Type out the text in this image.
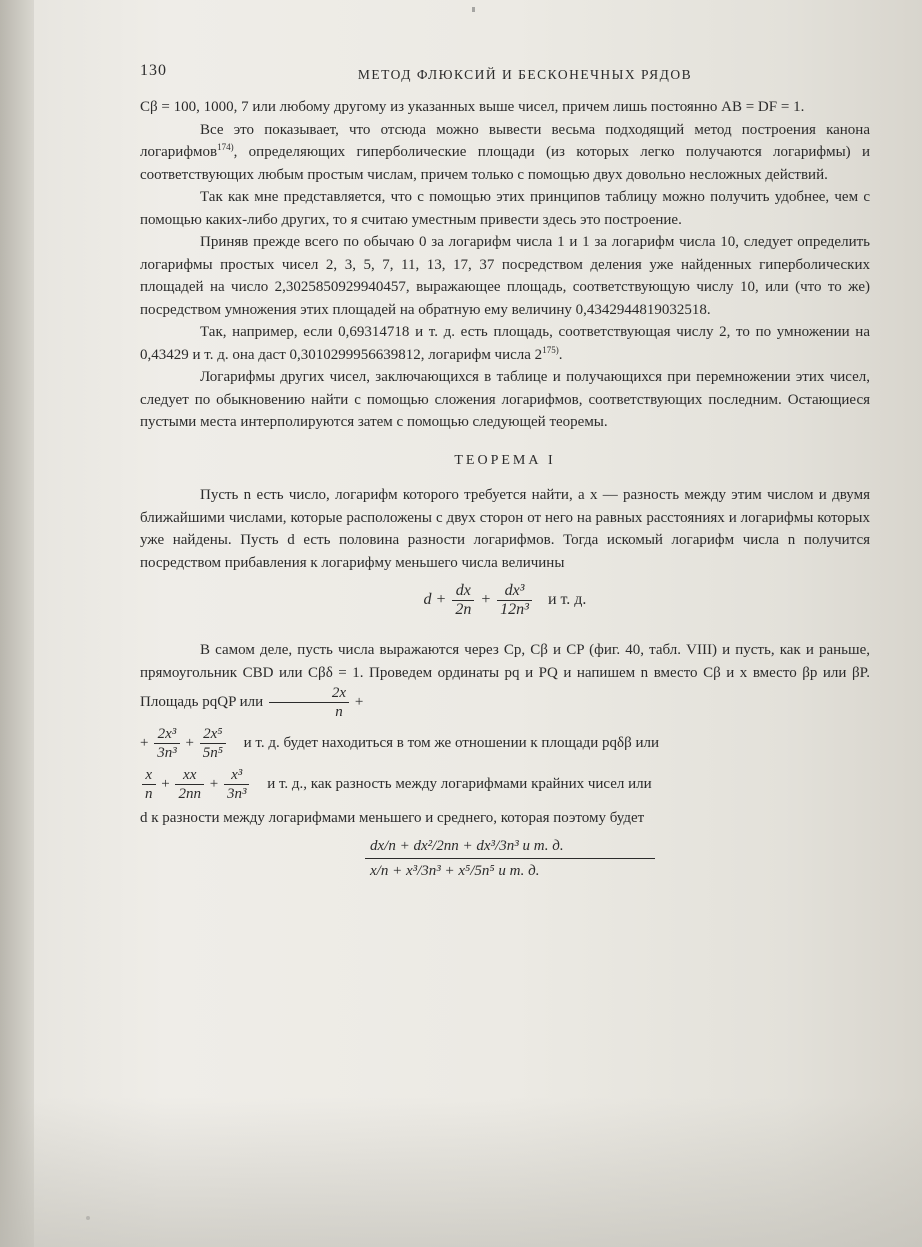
130	МЕТОД ФЛЮКСИЙ И БЕСКОНЕЧНЫХ РЯДОВ

Cβ = 100, 1000, 7 или любому другому из указанных выше чисел, причем лишь постоянно AB = DF = 1.

Все это показывает, что отсюда можно вывести весьма подходящий метод построения канона логарифмов$^{174)}$, определяющих гиперболические площади (из которых легко получаются логарифмы) и соответствующих любым простым числам, причем только с помощью двух довольно несложных действий.

Так как мне представляется, что с помощью этих принципов таблицу можно получить удобнее, чем с помощью каких-либо других, то я считаю уместным привести здесь это построение.

Приняв прежде всего по обычаю 0 за логарифм числа 1 и 1 за логарифм числа 10, следует определить логарифмы простых чисел 2, 3, 5, 7, 11, 13, 17, 37 посредством деления уже найденных гиперболических площадей на число 2,3025850929940457, выражающее площадь, соответствующую числу 10, или (что то же) посредством умножения этих площадей на обратную ему величину 0,4342944819032518.

Так, например, если 0,69314718 и т. д. есть площадь, соответствующая числу 2, то по умножении на 0,43429 и т. д. она даст 0,3010299956639812, логарифм числа 2$^{175)}$.

Логарифмы других чисел, заключающихся в таблице и получающихся при перемножении этих чисел, следует по обыкновению найти с помощью сложения логарифмов, соответствующих последним. Остающиеся пустыми места интерполируются затем с помощью следующей теоремы.

ТЕОРЕМА I

Пусть n есть число, логарифм которого требуется найти, a x — разность между этим числом и двумя ближайшими числами, которые расположены с двух сторон от него на равных расстояниях и логарифмы которых уже найдены. Пусть d есть половина разности логарифмов. Тогда искомый логарифм числа n получится посредством прибавления к логарифму меньшего числа величины

$d + \frac{dx}{2n} + \frac{\text{dx³}}{\text{12n³}}$ и т. д.

В самом деле, пусть числа выражаются через Cp, Cβ и CP (фиг. 40, табл. VIII) и пусть, как и раньше, прямоугольник CBD или Cβδ = 1. Проведем ординаты pq и PQ и напишем n вместо Cβ и x вместо βp или βP. Площадь pqQP или $\frac{2x}{n}$ +

+ $\frac{\text{2x³}}{\text{3n³}} + \frac{\text{2x⁵}}{\text{5n⁵}}$ и т. д. будет находиться в том же отношении к площади pqδβ или
$\frac{x}{n} + \frac{xx}{2nn} + \frac{\text{x³}}{\text{3n³}}$ и т. д., как разность между логарифмами крайних чисел или

d к разности между логарифмами меньшего и среднего, которая поэтому будет

dx/n + dx²/2nn + dx³/3n³ и т. д.
x/n + x³/3n³ + x⁵/5n⁵ и т. д.
